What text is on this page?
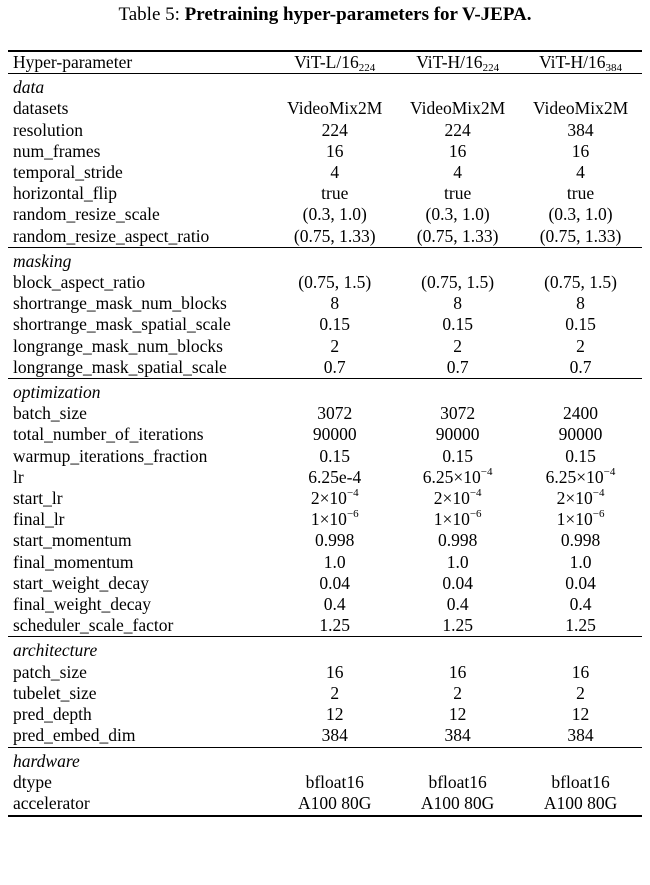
Table 5: Pretraining hyper-parameters for V-JEPA.
Hyper-parameter	ViT-$L/16_{224}$	ViT-$H/16_{224}$	ViT-$H/16_{384}$
data			
datasets	VideoMix2M	VideoMix2M	VideoMix2M
resolution	224	224	384
num_frames	16	16	16
temporal_stride	4	4	4
horizontal_flip	true	true	true
random_resize_scale	(0.3, 1.0)	(0.3, 1.0)	(0.3, 1.0)
random_resize_aspect_ratio	(0.75, 1.33)	(0.75, 1.33)	(0.75, 1.33)
masking			
block_aspect_ratio	(0.75, 1.5)	(0.75, 1.5)	(0.75, 1.5)
shortrange_mask_num_blocks	8	8	8
shortrange_mask_spatial_scale	0.15	0.15	0.15
longrange_mask_num_blocks	2	2	2
longrange_mask_spatial_scale	0.7	0.7	0.7
optimization			
batch_size	3072	3072	2400
total_number_of_iterations	90000	90000	90000
warmup_iterations_fraction	0.15	0.15	0.15
lr	6.25e-4	$6.25\times 10^{-4}$	$6.25\times 10^{-4}$
start_lr	$2\times 10^{-4}$	$2\times 10^{-4}$	$2\times 10^{-4}$
final_lr	$1\times 10^{-6}$	$1\times 10^{-6}$	$1\times 10^{-6}$
start_momentum	0.998	0.998	0.998
final_momentum	1.0	1.0	1.0
start_weight_decay	0.04	0.04	0.04
final_weight_decay	0.4	0.4	0.4
scheduler_scale_factor	1.25	1.25	1.25
architecture			
patch_size	16	16	16
tubelet_size	2	2	2
pred_depth	12	12	12
pred_embed_dim	384	384	384
hardware			
dtype	bfloat16	bfloat16	bfloat16
accelerator	A100 80G	A100 80G	A100 80G
